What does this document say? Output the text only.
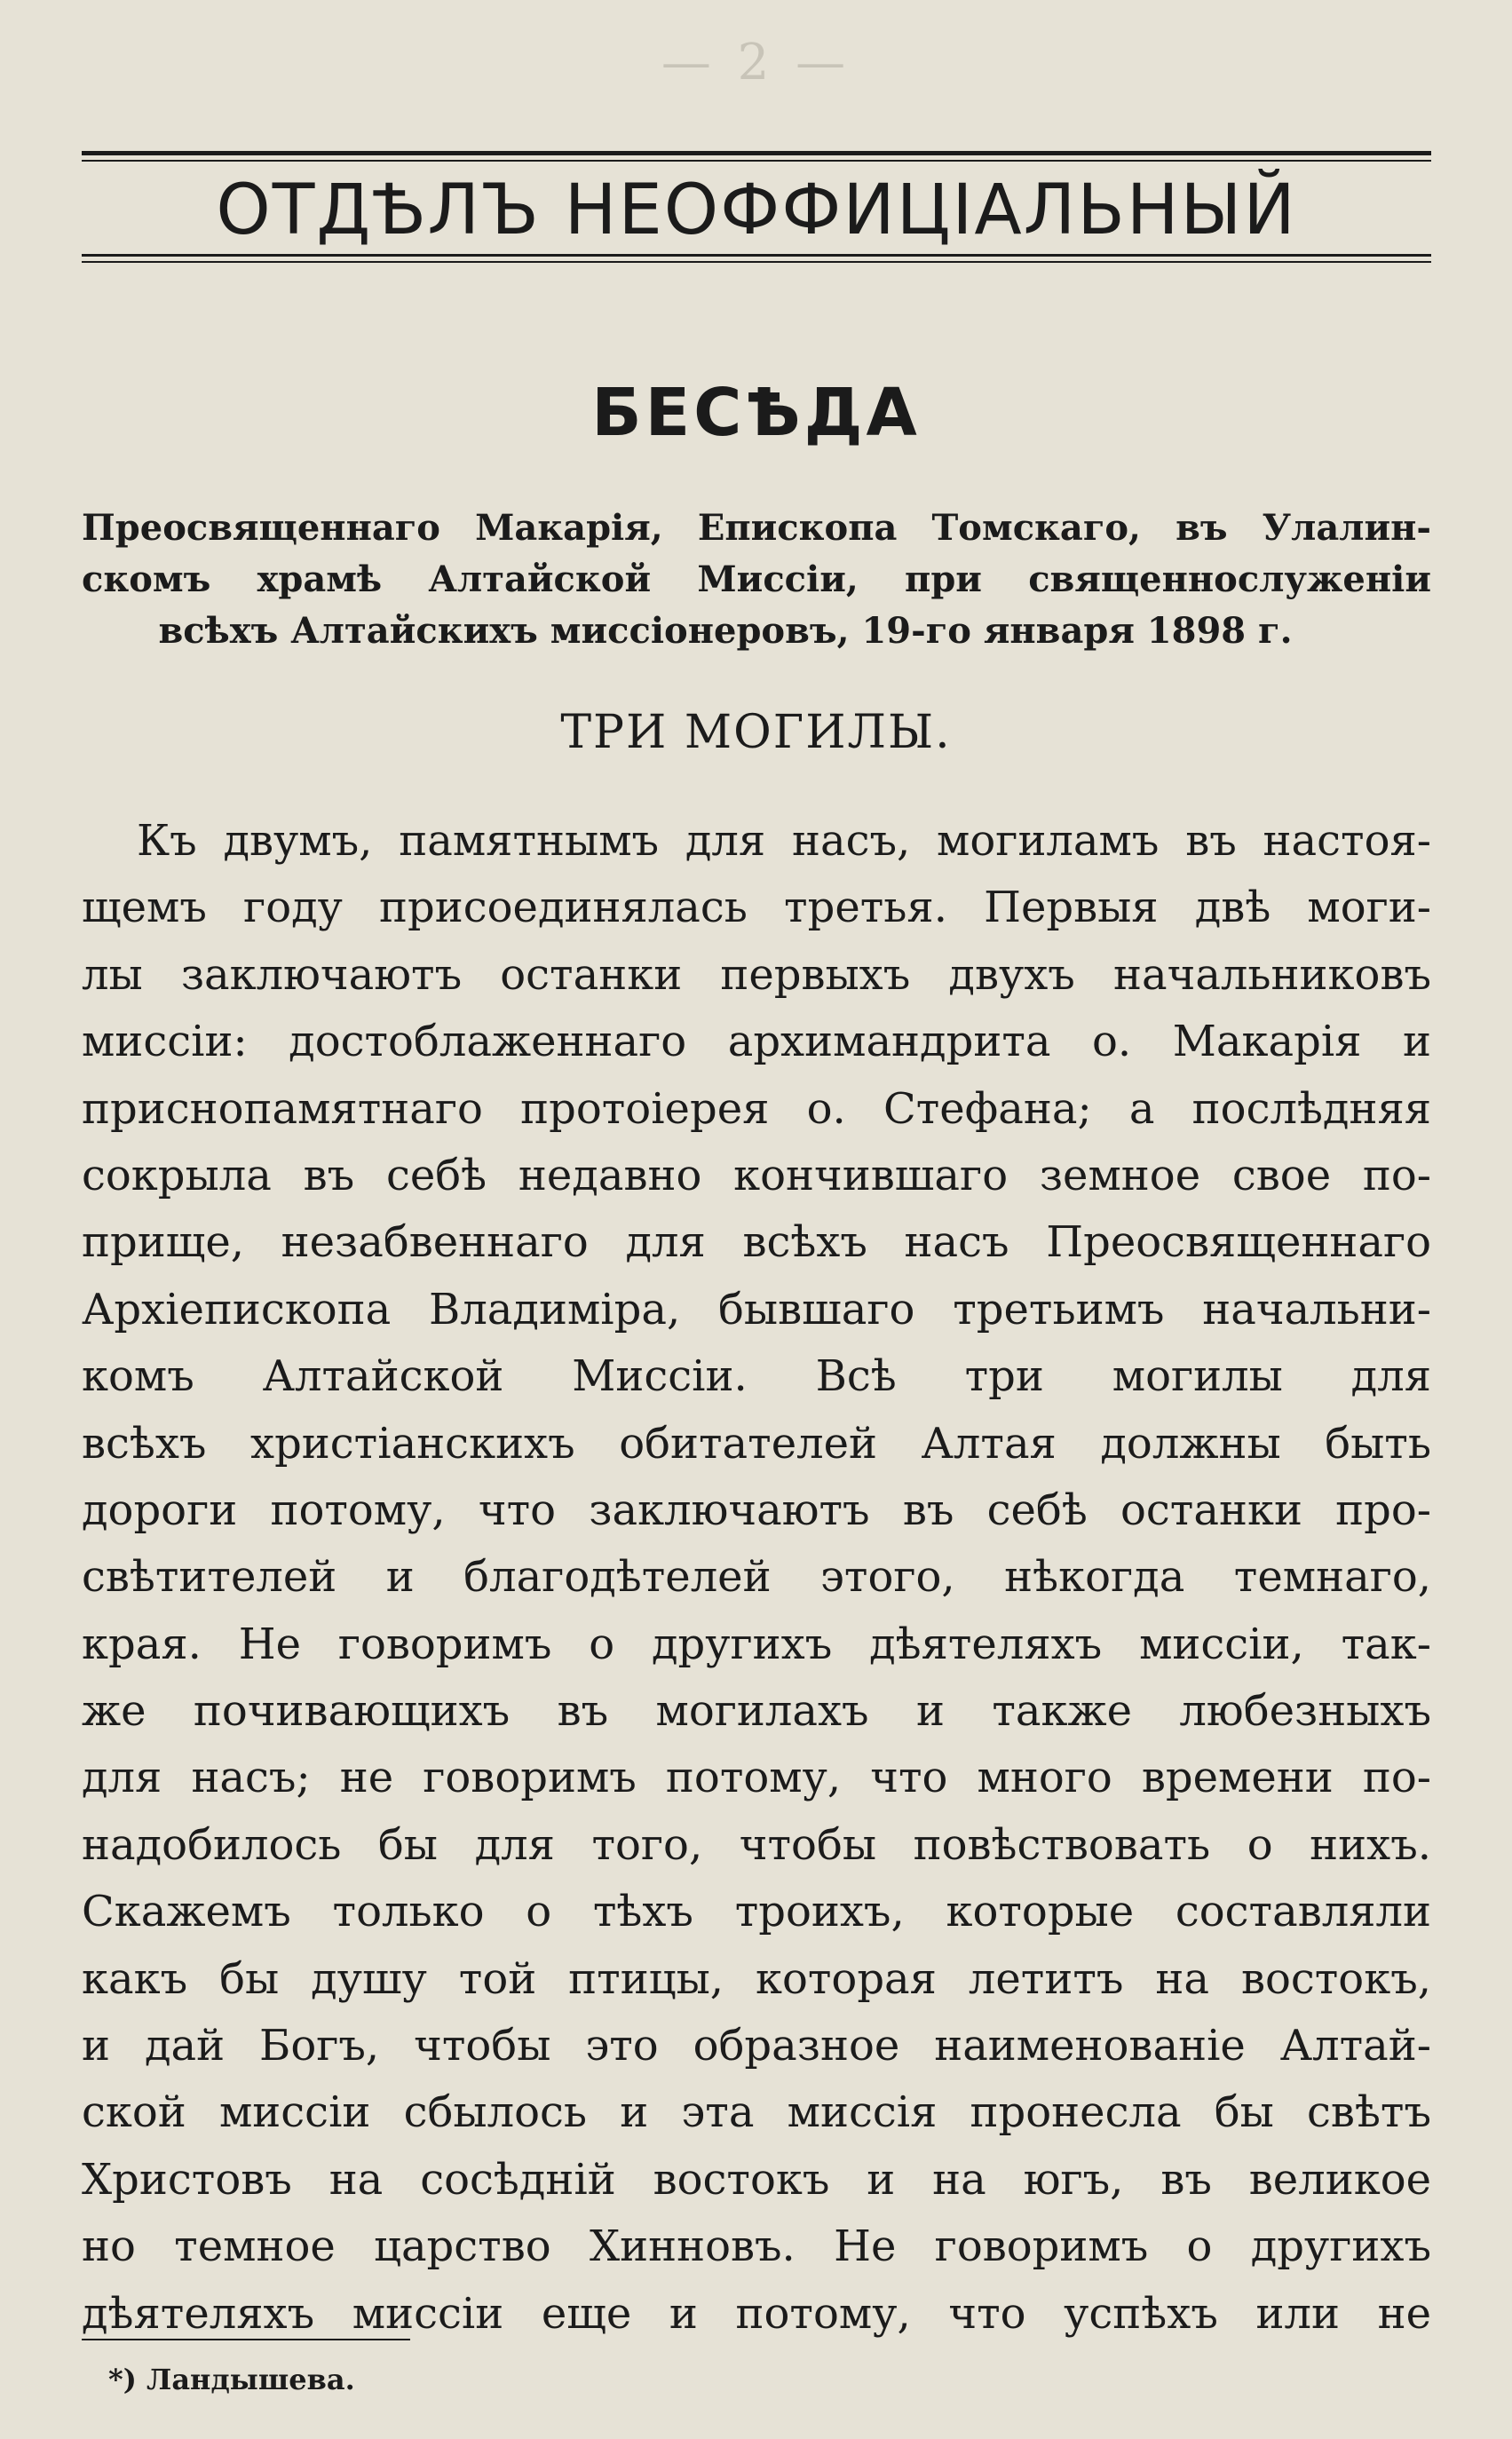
— 2 —
ОТДѢЛЪ НЕОФФИЦІАЛЬНЫЙ
БЕСѢДА
Преосвященнаго Макарія, Епископа Томскаго, въ Улалин-
скомъ храмѣ Алтайской Миссіи, при священнослуженіи
всѣхъ Алтайскихъ миссіонеровъ, 19-го января 1898 г.
ТРИ МОГИЛЫ.
Къ двумъ, памятнымъ для насъ, могиламъ въ настоя-
щемъ году присоединялась третья. Первыя двѣ моги-
лы заключаютъ останки первыхъ двухъ начальниковъ
миссіи: достоблаженнаго архимандрита о. Макарія и
приснопамятнаго протоіерея о. Стефана; а послѣдняя
сокрыла въ себѣ недавно кончившаго земное свое по-
прище, незабвеннаго для всѣхъ насъ Преосвященнаго
Архіепископа Владиміра, бывшаго третьимъ начальни-
комъ Алтайской Миссіи. Всѣ три могилы для
всѣхъ христіанскихъ обитателей Алтая должны быть
дороги потому, что заключаютъ въ себѣ останки про-
свѣтителей и благодѣтелей этого, нѣкогда темнаго,
края. Не говоримъ о другихъ дѣятеляхъ миссіи, так-
же почивающихъ въ могилахъ и также любезныхъ
для насъ; не говоримъ потому, что много времени по-
надобилось бы для того, чтобы повѣствовать о нихъ.
Скажемъ только о тѣхъ троихъ, которые составляли
какъ бы душу той птицы, которая летитъ на востокъ,
и дай Богъ, чтобы это образное наименованіе Алтай-
ской миссіи сбылось и эта миссія пронесла бы свѣтъ
Христовъ на сосѣдній востокъ и на югъ, въ великое
но темное царство Хинновъ. Не говоримъ о другихъ
дѣятеляхъ миссіи еще и потому, что успѣхъ или не
*) Ландышева.
